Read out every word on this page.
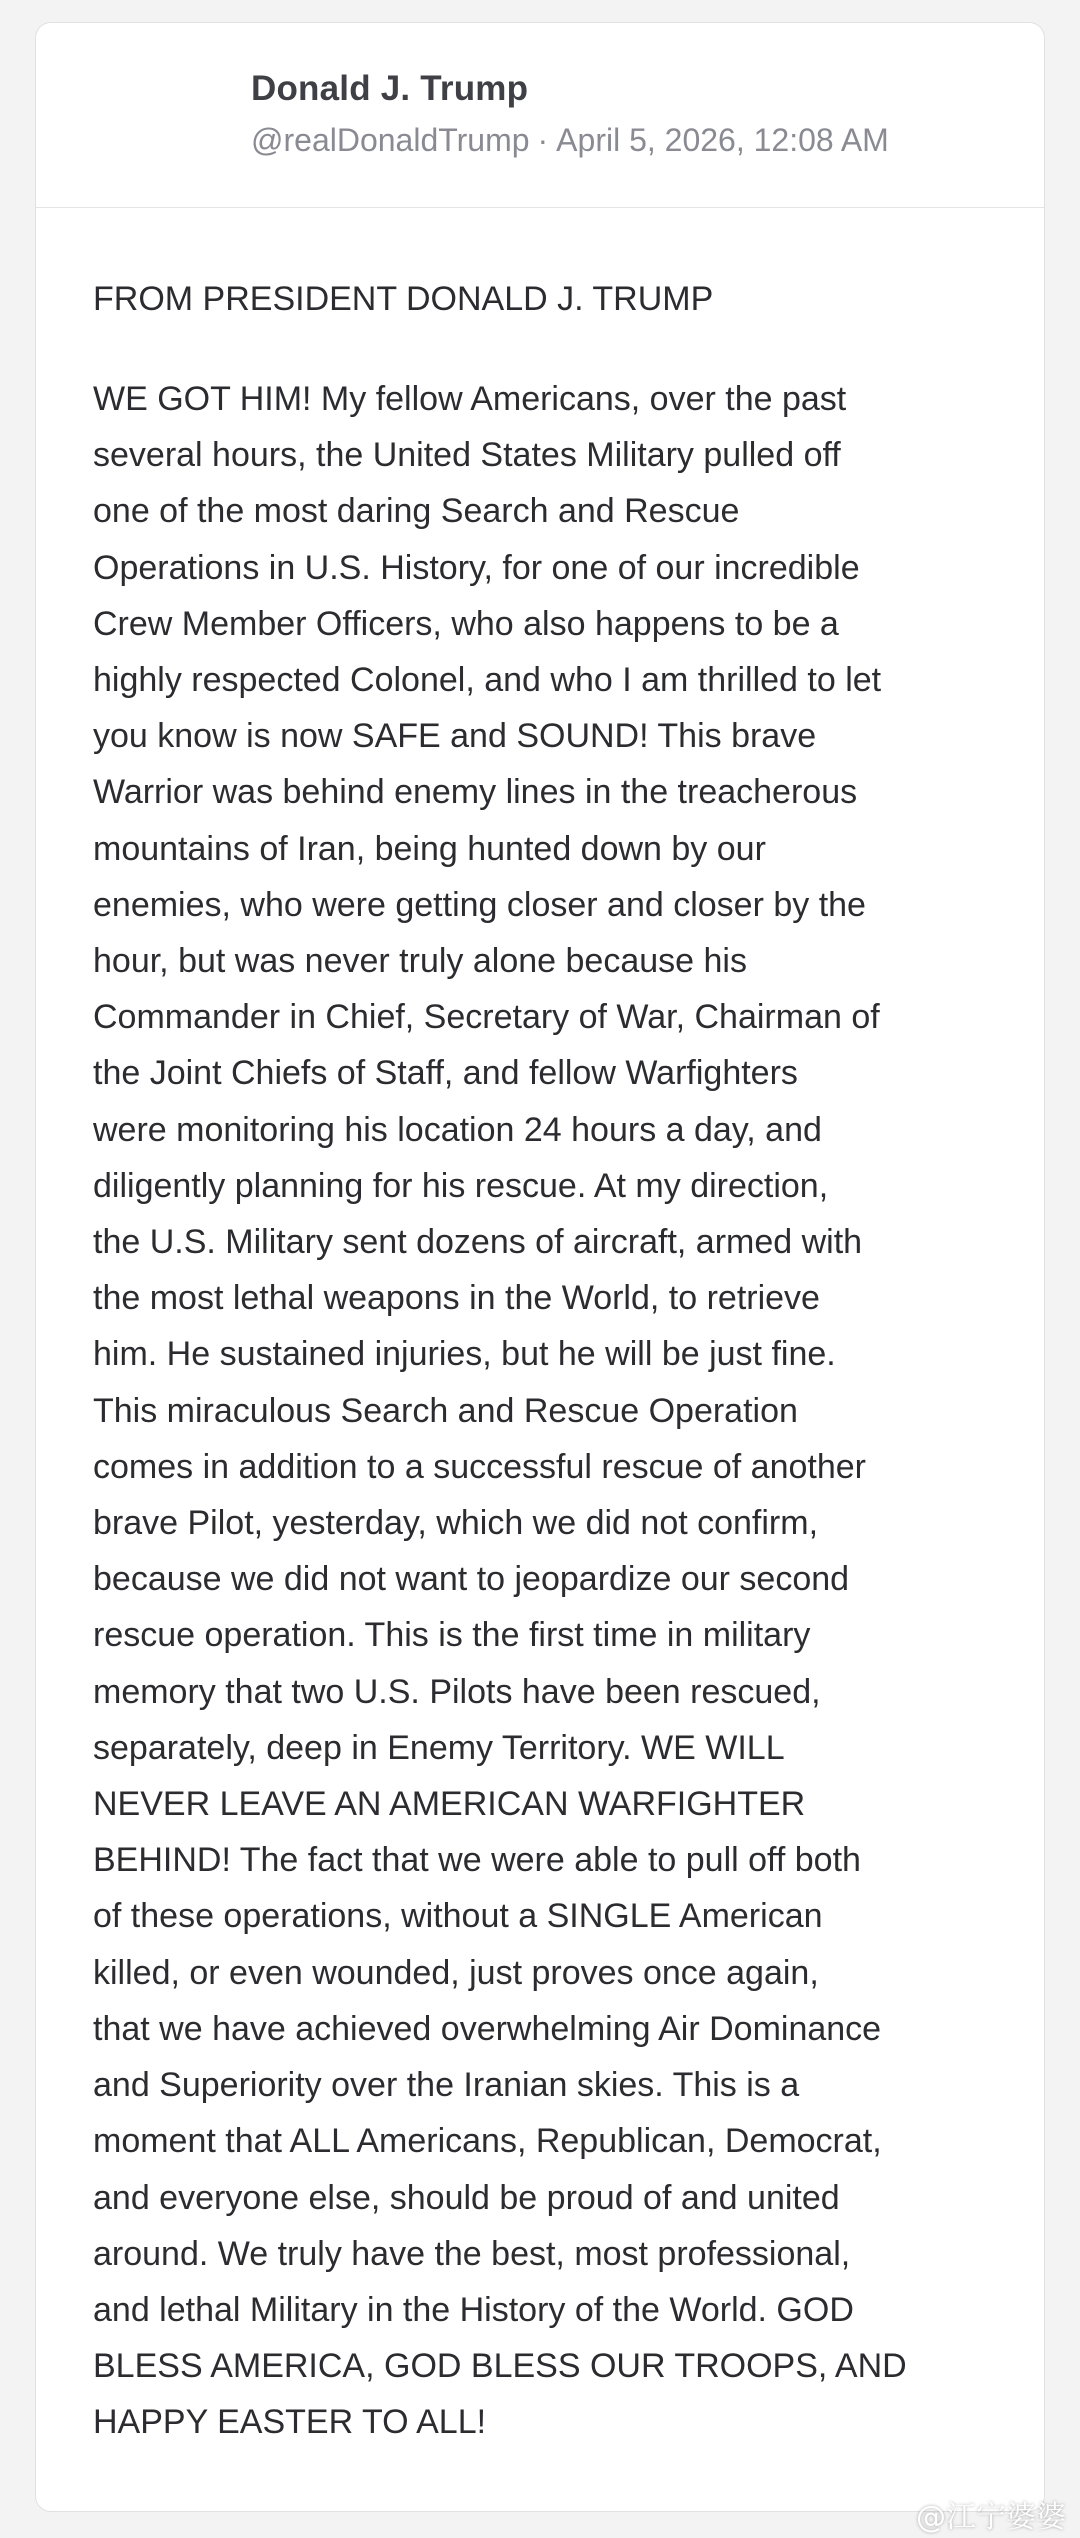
Donald J. Trump
@realDonaldTrump · April 5, 2026, 12:08 AM

FROM PRESIDENT DONALD J. TRUMP

WE GOT HIM! My fellow Americans, over the past
several hours, the United States Military pulled off
one of the most daring Search and Rescue
Operations in U.S. History, for one of our incredible
Crew Member Officers, who also happens to be a
highly respected Colonel, and who I am thrilled to let
you know is now SAFE and SOUND! This brave
Warrior was behind enemy lines in the treacherous
mountains of Iran, being hunted down by our
enemies, who were getting closer and closer by the
hour, but was never truly alone because his
Commander in Chief, Secretary of War, Chairman of
the Joint Chiefs of Staff, and fellow Warfighters
were monitoring his location 24 hours a day, and
diligently planning for his rescue. At my direction,
the U.S. Military sent dozens of aircraft, armed with
the most lethal weapons in the World, to retrieve
him. He sustained injuries, but he will be just fine.
This miraculous Search and Rescue Operation
comes in addition to a successful rescue of another
brave Pilot, yesterday, which we did not confirm,
because we did not want to jeopardize our second
rescue operation. This is the first time in military
memory that two U.S. Pilots have been rescued,
separately, deep in Enemy Territory. WE WILL
NEVER LEAVE AN AMERICAN WARFIGHTER
BEHIND! The fact that we were able to pull off both
of these operations, without a SINGLE American
killed, or even wounded, just proves once again,
that we have achieved overwhelming Air Dominance
and Superiority over the Iranian skies. This is a
moment that ALL Americans, Republican, Democrat,
and everyone else, should be proud of and united
around. We truly have the best, most professional,
and lethal Military in the History of the World. GOD
BLESS AMERICA, GOD BLESS OUR TROOPS, AND
HAPPY EASTER TO ALL!

@江宁婆婆
